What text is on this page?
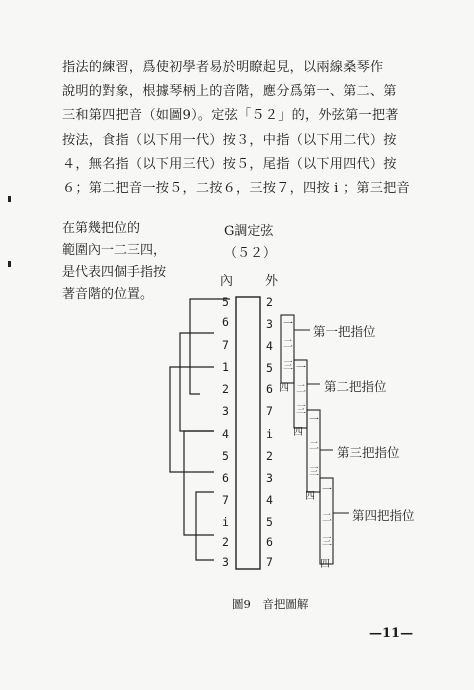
指法的練習，爲使初學者易於明瞭起見，以兩線桑琴作
說明的對象，根據琴柄上的音階，應分爲第一、第二、第
三和第四把音（如圖9）。定弦「５２」的，外弦第一把著
按法，食指（以下用一代）按３，中指（以下用二代）按
４，無名指（以下用三代）按５，尾指（以下用四代）按
６；第二把音一按５，二按６，三按７，四按 i ；第三把音
在第幾把位的
範圍內一二三四，
是代表四個手指按
著音階的位置。
G調定弦
（５２）
內 外
5
6
7
1
2
3
4
5
6
7
i
2
3
2
3
4
5
6
7
i
2
3
4
5
6
7
一
二
三
四
一
二
三
四
一
二
三
四
一
二
三
四
第一把指位
第二把指位
第三把指位
第四把指位
圖9　音把圖解
—11—
